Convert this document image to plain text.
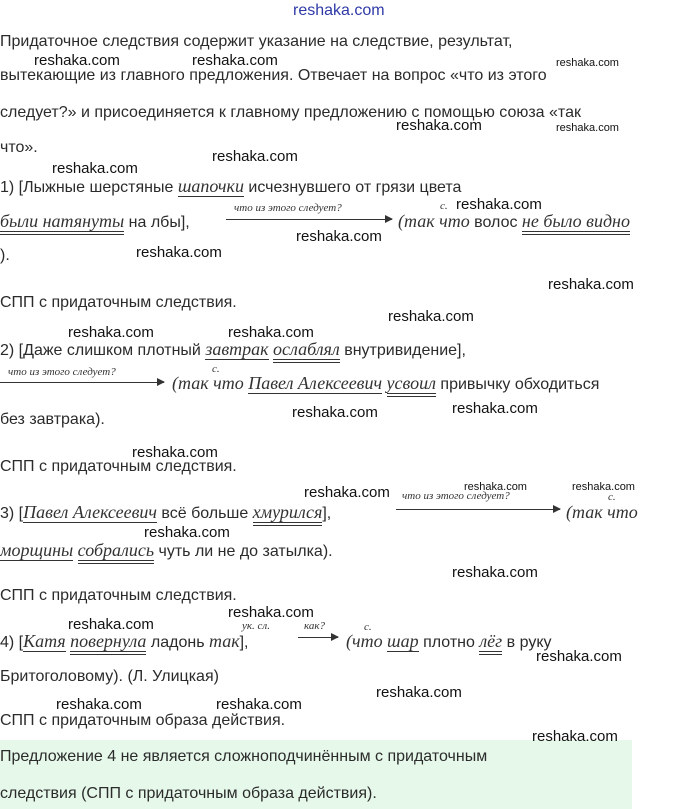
reshaka.com
Придаточное следствия содержит указание на следствие, результат,
вытекающие из главного предложения. Отвечает на вопрос «что из этого
следует?» и присоединяется к главному предложению с помощью союза «так
что».
1) [Лыжные шерстяные шапочки исчезнувшего от грязи цвета
были натянуты на лбы],
что из этого следует?	с.
(так что волос не было видно
).
СПП с придаточным следствия.
2) [Даже слишком плотный завтрак ослаблял внутривидение],
что из этого следует?	с.
(так что Павел Алексеевич усвоил привычку обходиться
без завтрака).
СПП с придаточным следствия.
3) [Павел Алексеевич всё больше хмурился],
что из этого следует?	с.
(так что
морщины собрались чуть ли не до затылка).
СПП с придаточным следствия.
ук. сл.	как?	с.
4) [Катя повернула ладонь так],	(что шар плотно лёг в руку
Бритоголовому). (Л. Улицкая)
СПП с придаточным образа действия.
Предложение 4 не является сложноподчинённым с придаточным
следствия (СПП с придаточным образа действия).
reshaka.com	reshaka.com	reshaka.com
reshaka.com	reshaka.com
reshaka.com
reshaka.com
reshaka.com
reshaka.com
reshaka.com
reshaka.com
reshaka.com
reshaka.com	reshaka.com
reshaka.com	reshaka.com
reshaka.com
reshaka.com	reshaka.com	reshaka.com
reshaka.com
reshaka.com
reshaka.com
reshaka.com
reshaka.com
reshaka.com
reshaka.com	reshaka.com
reshaka.com
